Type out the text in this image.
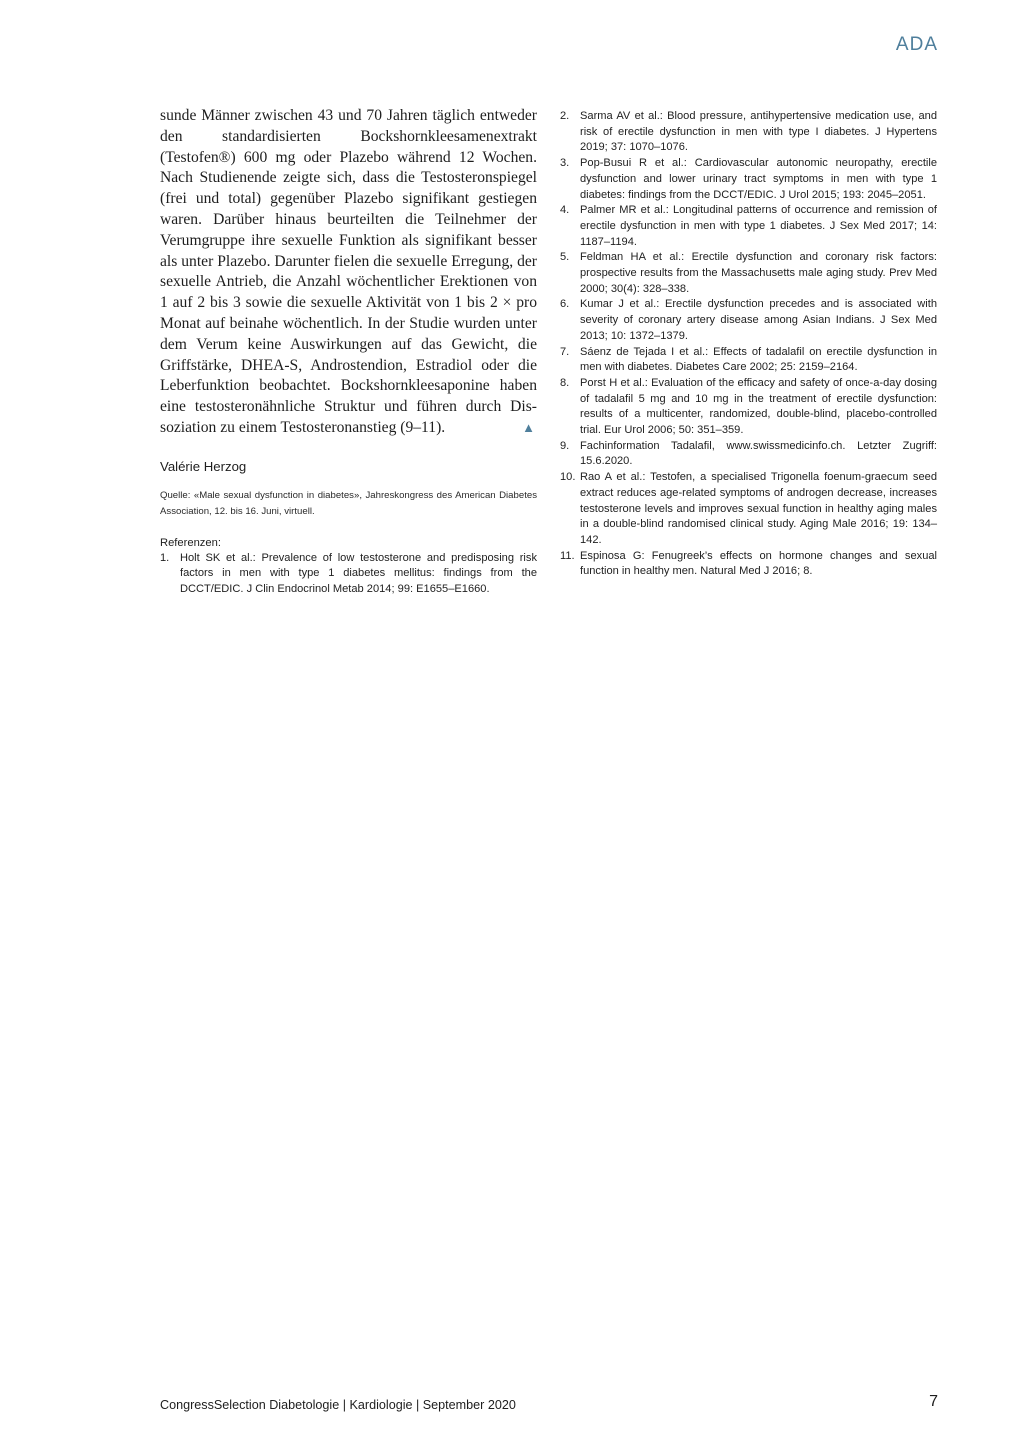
ADA

sunde Männer zwischen 43 und 70 Jahren täglich entweder den standardisierten Bockshornkleesamenextrakt (Testofen®) 600 mg oder Plazebo während 12 Wochen. Nach Studienende zeigte sich, dass die Testosteronspiegel (frei und total) gegenüber Plazebo signifikant gestiegen waren. Darüber hinaus beurteilten die Teilnehmer der Verumgruppe ihre sexuelle Funktion als signifikant besser als unter Plazebo. Darunter fielen die sexuelle Erregung, der sexuelle Antrieb, die Anzahl wöchentlicher Erektionen von 1 auf 2 bis 3 sowie die sexuelle Aktivität von 1 bis 2 × pro Monat auf beinahe wöchentlich. In der Studie wurden unter dem Verum keine Auswirkungen auf das Gewicht, die Griffstärke, DHEA-S, Androstendion, Estradiol oder die Leberfunktion beobachtet. Bockshornkleesaponine haben eine testosteronähnliche Struktur und führen durch Dissoziation zu einem Testosteronanstieg (9–11).	▲

Valérie Herzog
Quelle: «Male sexual dysfunction in diabetes», Jahreskongress des American Diabetes Association, 12. bis 16. Juni, virtuell.
Referenzen:
1. Holt SK et al.: Prevalence of low testosterone and predisposing risk factors in men with type 1 diabetes mellitus: findings from the DCCT/EDIC. J Clin Endocrinol Metab 2014; 99: E1655–E1660.
2. Sarma AV et al.: Blood pressure, antihypertensive medication use, and risk of erectile dysfunction in men with type I diabetes. J Hypertens 2019; 37: 1070–1076.
3. Pop-Busui R et al.: Cardiovascular autonomic neuropathy, erectile dysfunction and lower urinary tract symptoms in men with type 1 diabetes: findings from the DCCT/EDIC. J Urol 2015; 193: 2045–2051.
4. Palmer MR et al.: Longitudinal patterns of occurrence and remission of erectile dysfunction in men with type 1 diabetes. J Sex Med 2017; 14: 1187–1194.
5. Feldman HA et al.: Erectile dysfunction and coronary risk factors: prospective results from the Massachusetts male aging study. Prev Med 2000; 30(4): 328–338.
6. Kumar J et al.: Erectile dysfunction precedes and is associated with severity of coronary artery disease among Asian Indians. J Sex Med 2013; 10: 1372–1379.
7. Sáenz de Tejada I et al.: Effects of tadalafil on erectile dysfunction in men with diabetes. Diabetes Care 2002; 25: 2159–2164.
8. Porst H et al.: Evaluation of the efficacy and safety of once-a-day dosing of tadalafil 5 mg and 10 mg in the treatment of erectile dysfunction: results of a multicenter, randomized, double-blind, placebo-controlled trial. Eur Urol 2006; 50: 351–359.
9. Fachinformation Tadalafil, www.swissmedicinfo.ch. Letzter Zugriff: 15.6.2020.
10. Rao A et al.: Testofen, a specialised Trigonella foenum-graecum seed extract reduces age-related symptoms of androgen decrease, increases testosterone levels and improves sexual function in healthy aging males in a double-blind randomised clinical study. Aging Male 2016; 19: 134–142.
11. Espinosa G: Fenugreek’s effects on hormone changes and sexual function in healthy men. Natural Med J 2016; 8.
CongressSelection Diabetologie | Kardiologie | September 2020	7
